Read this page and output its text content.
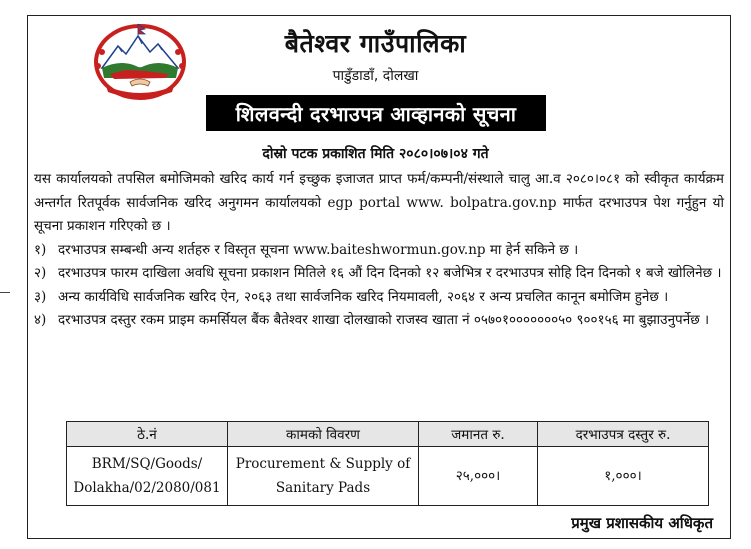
बैतेश्वर गाउँपालिका
पाडुँडाडाँ, दोलखा
शिलवन्दी दरभाउपत्र आव्हानको सूचना
दोस्रो पटक प्रकाशित मिति २०८०।०७।०४ गते

यस कार्यालयको तपसिल बमोजिमको खरिद कार्य गर्न इच्छुक इजाजत प्राप्त फर्म/कम्पनी/संस्थाले चालु आ.व २०८०।०८१ को स्वीकृत कार्यक्रम अन्तर्गत रितपूर्वक सार्वजनिक खरिद अनुगमन कार्यालयको egp portal www. bolpatra.gov.np मार्फत दरभाउपत्र पेश गर्नुहुन यो सूचना प्रकाशन गरिएको छ ।

१) दरभाउपत्र सम्बन्धी अन्य शर्तहरु र विस्तृत सूचना www.baiteshwormun.gov.np मा हेर्न सकिने छ ।
२) दरभाउपत्र फारम दाखिला अवधि सूचना प्रकाशन मितिले १६ औं दिन दिनको १२ बजेभित्र र दरभाउपत्र सोहि दिन दिनको १ बजे खोलिनेछ ।
३) अन्य कार्यविधि सार्वजनिक खरिद ऐन, २०६३ तथा सार्वजनिक खरिद नियमावली, २०६४ र अन्य प्रचलित कानून बमोजिम हुनेछ ।
४) दरभाउपत्र दस्तुर रकम प्राइम कमर्सियल बैंक बैतेश्वर शाखा दोलखाको राजस्व खाता नं ०५७०१०००००००५० ९००१५६ मा बुझाउनुपर्नेछ ।
ठे.नं	कामको विवरण	जमानत रु.	दरभाउपत्र दस्तुर रु.
BRM/SQ/Goods/ Dolakha/02/2080/081	Procurement & Supply of Sanitary Pads	२५,०००।	१,०००।
प्रमुख प्रशासकीय अधिकृत
